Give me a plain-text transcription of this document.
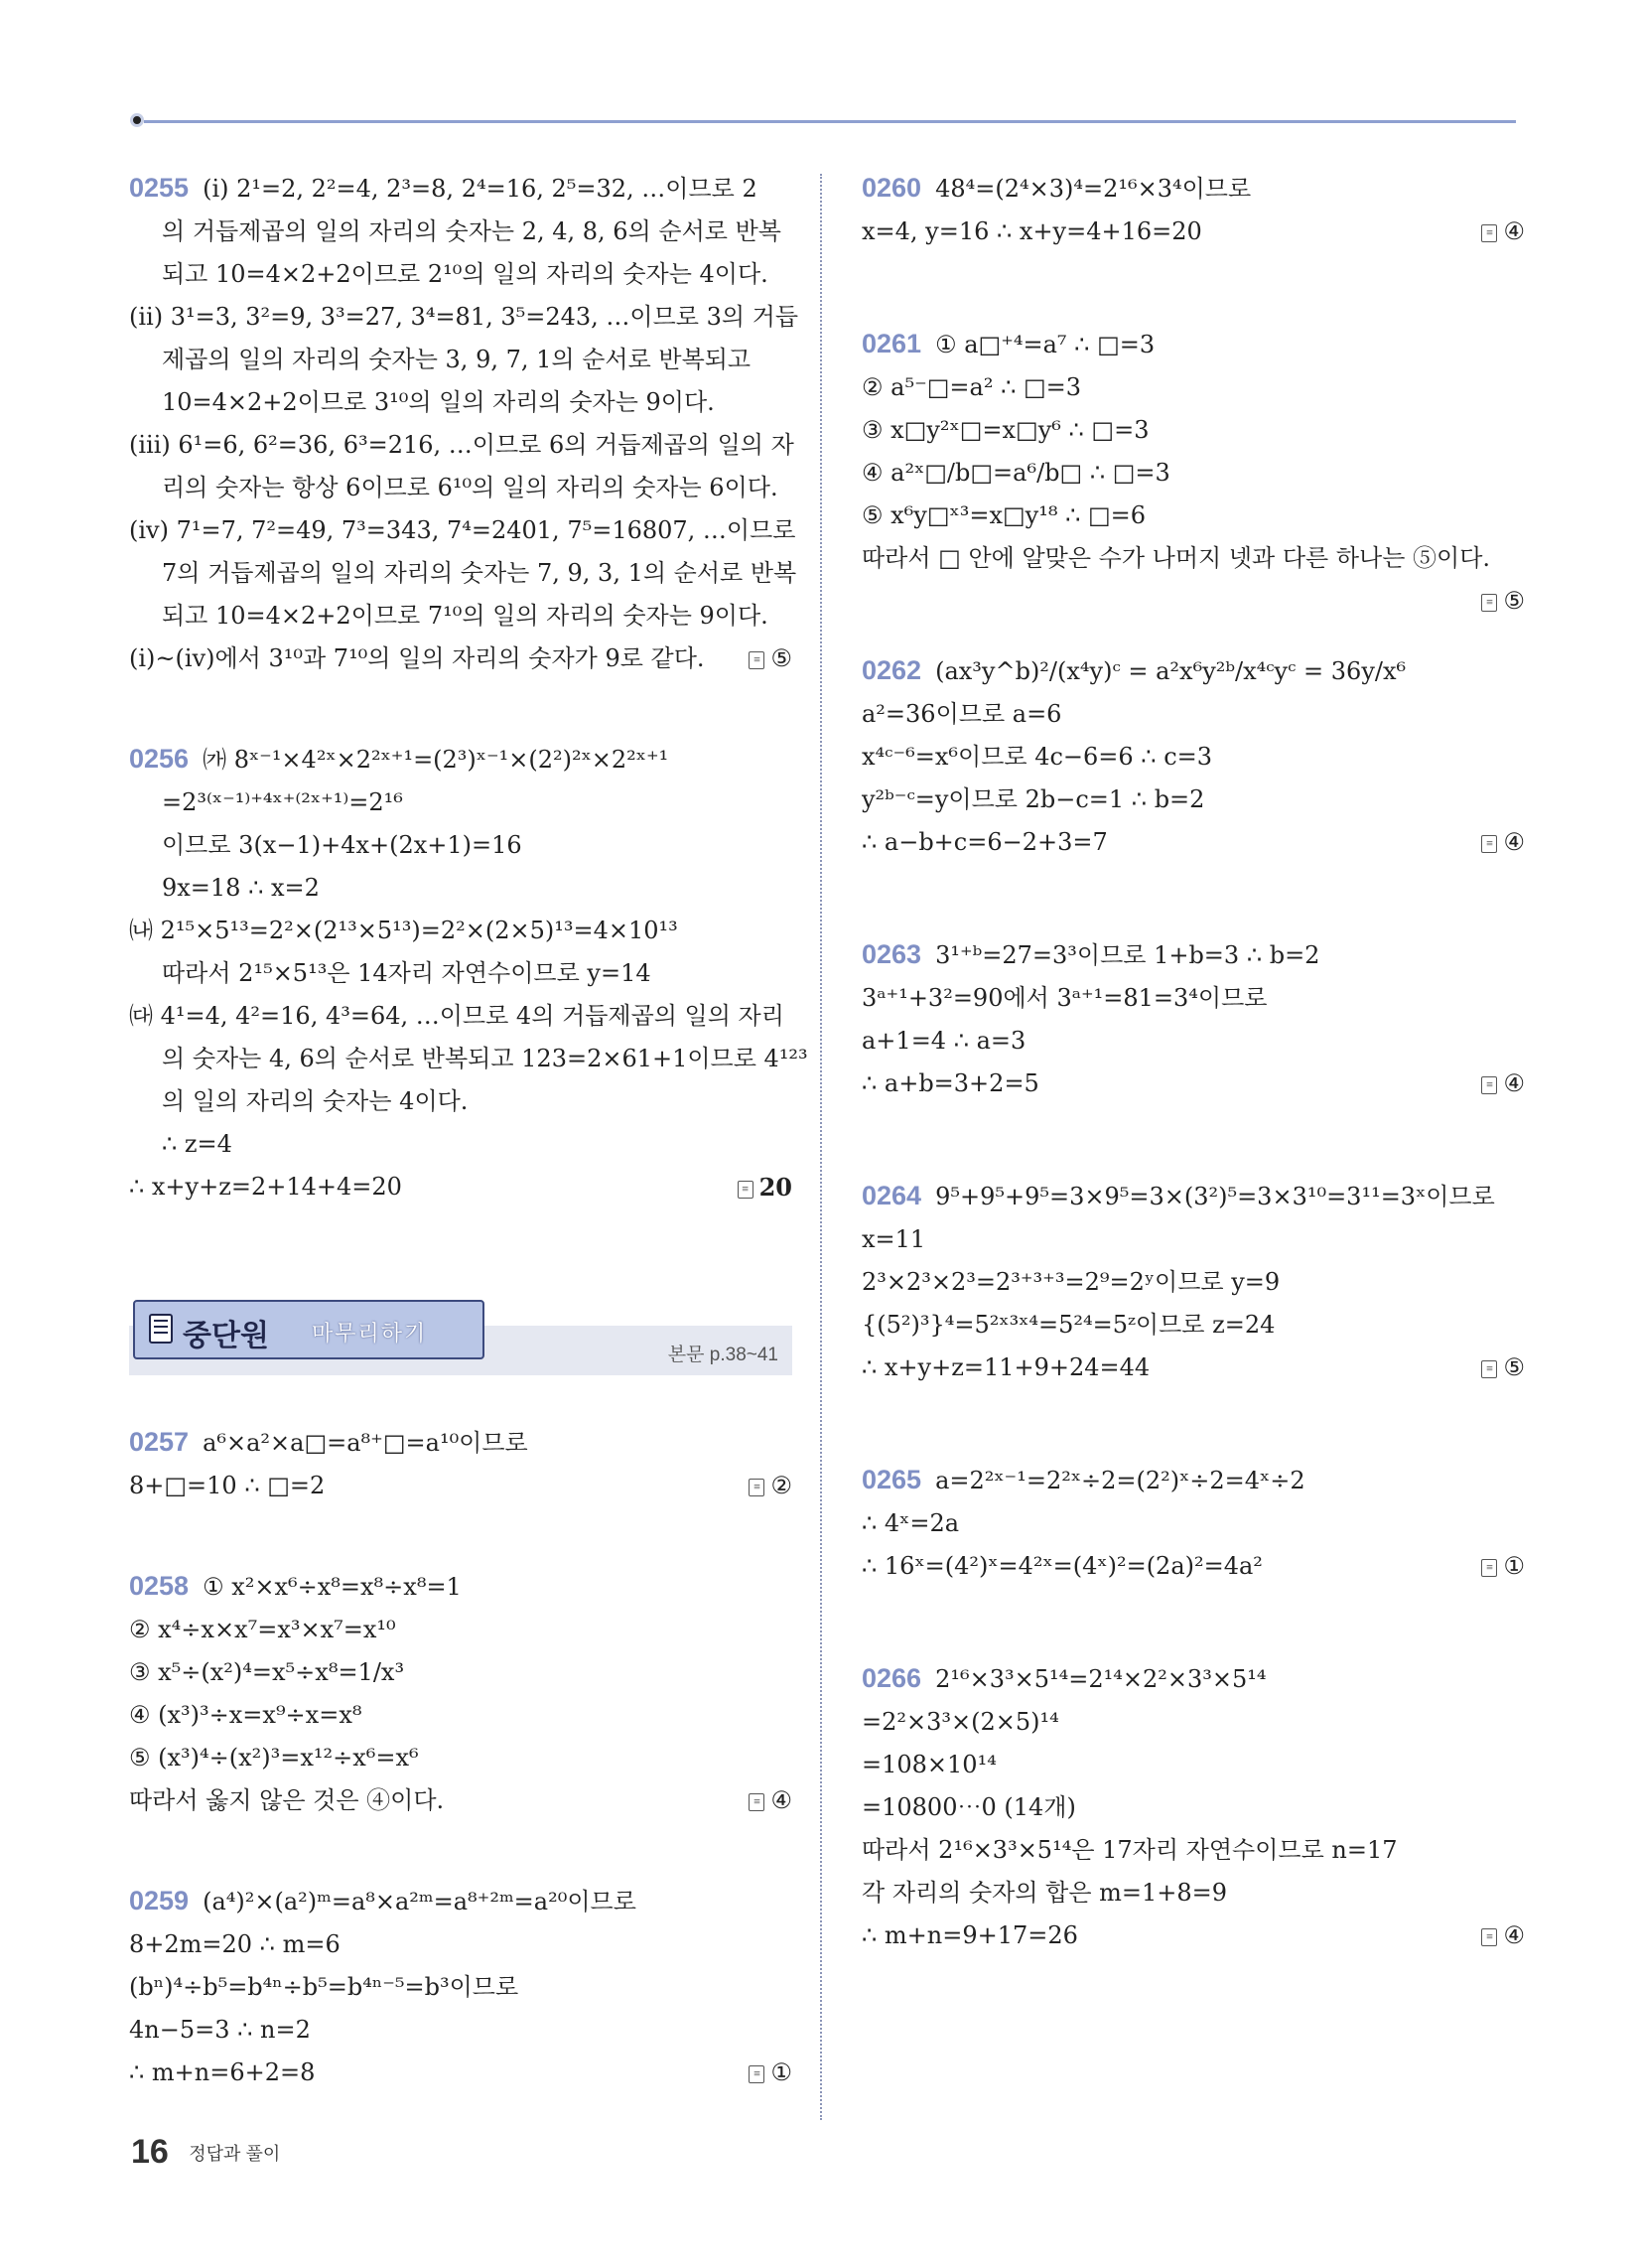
0255 (ⅰ) 2¹=2, 2²=4, 2³=8, 2⁴=16, 2⁵=32, …이므로 2
의 거듭제곱의 일의 자리의 숫자는 2, 4, 8, 6의 순서로 반복
되고 10=4×2+2이므로 2¹⁰의 일의 자리의 숫자는 4이다.
(ⅱ) 3¹=3, 3²=9, 3³=27, 3⁴=81, 3⁵=243, …이므로 3의 거듭
제곱의 일의 자리의 숫자는 3, 9, 7, 1의 순서로 반복되고
10=4×2+2이므로 3¹⁰의 일의 자리의 숫자는 9이다.
(ⅲ) 6¹=6, 6²=36, 6³=216, …이므로 6의 거듭제곱의 일의 자
리의 숫자는 항상 6이므로 6¹⁰의 일의 자리의 숫자는 6이다.
(ⅳ) 7¹=7, 7²=49, 7³=343, 7⁴=2401, 7⁵=16807, …이므로
7의 거듭제곱의 일의 자리의 숫자는 7, 9, 3, 1의 순서로 반복
되고 10=4×2+2이므로 7¹⁰의 일의 자리의 숫자는 9이다.
(ⅰ)~(ⅳ)에서 3¹⁰과 7¹⁰의 일의 자리의 숫자가 9로 같다.	≡ ⑤
0256 ㈎ 8ˣ⁻¹×4²ˣ×2²ˣ⁺¹=(2³)ˣ⁻¹×(2²)²ˣ×2²ˣ⁺¹
=2³⁽ˣ⁻¹⁾⁺⁴ˣ⁺⁽²ˣ⁺¹⁾=2¹⁶
이므로 3(x−1)+4x+(2x+1)=16
9x=18 ∴ x=2
㈏ 2¹⁵×5¹³=2²×(2¹³×5¹³)=2²×(2×5)¹³=4×10¹³
따라서 2¹⁵×5¹³은 14자리 자연수이므로 y=14
㈐ 4¹=4, 4²=16, 4³=64, …이므로 4의 거듭제곱의 일의 자리
의 숫자는 4, 6의 순서로 반복되고 123=2×61+1이므로 4¹²³
의 일의 자리의 숫자는 4이다.
∴ z=4
∴ x+y+z=2+14+4=20	≡ 20
중단원 마무리하기
본문 p.38~41
0257 a⁶×a²×a□=a⁸⁺□=a¹⁰이므로
8+□=10 ∴ □=2	≡ ②
0258 ① x²×x⁶÷x⁸=x⁸÷x⁸=1
② x⁴÷x×x⁷=x³×x⁷=x¹⁰
③ x⁵÷(x²)⁴=x⁵÷x⁸=1/x³
④ (x³)³÷x=x⁹÷x=x⁸
⑤ (x³)⁴÷(x²)³=x¹²÷x⁶=x⁶
따라서 옳지 않은 것은 ④이다.	≡ ④
0259 (a⁴)²×(a²)ᵐ=a⁸×a²ᵐ=a⁸⁺²ᵐ=a²⁰이므로
8+2m=20 ∴ m=6
(bⁿ)⁴÷b⁵=b⁴ⁿ÷b⁵=b⁴ⁿ⁻⁵=b³이므로
4n−5=3 ∴ n=2
∴ m+n=6+2=8	≡ ①
0260 48⁴=(2⁴×3)⁴=2¹⁶×3⁴이므로
x=4, y=16 ∴ x+y=4+16=20	≡ ④
0261 ① a□⁺⁴=a⁷ ∴ □=3
② a⁵⁻□=a² ∴ □=3
③ x□y²ˣ□=x□y⁶ ∴ □=3
④ a²ˣ□/b□=a⁶/b□ ∴ □=3
⑤ x⁶y□ˣ³=x□y¹⁸ ∴ □=6
따라서 □ 안에 알맞은 수가 나머지 넷과 다른 하나는 ⑤이다.
≡ ⑤
0262 (ax³y^b)²/(x⁴y)ᶜ = a²x⁶y²ᵇ/x⁴ᶜyᶜ = 36y/x⁶
a²=36이므로 a=6
x⁴ᶜ⁻⁶=x⁶이므로 4c−6=6 ∴ c=3
y²ᵇ⁻ᶜ=y이므로 2b−c=1 ∴ b=2
∴ a−b+c=6−2+3=7	≡ ④
0263 3¹⁺ᵇ=27=3³이므로 1+b=3 ∴ b=2
3ᵃ⁺¹+3²=90에서 3ᵃ⁺¹=81=3⁴이므로
a+1=4 ∴ a=3
∴ a+b=3+2=5	≡ ④
0264 9⁵+9⁵+9⁵=3×9⁵=3×(3²)⁵=3×3¹⁰=3¹¹=3ˣ이므로
x=11
2³×2³×2³=2³⁺³⁺³=2⁹=2ʸ이므로 y=9
{(5²)³}⁴=5²ˣ³ˣ⁴=5²⁴=5ᶻ이므로 z=24
∴ x+y+z=11+9+24=44	≡ ⑤
0265 a=2²ˣ⁻¹=2²ˣ÷2=(2²)ˣ÷2=4ˣ÷2
∴ 4ˣ=2a
∴ 16ˣ=(4²)ˣ=4²ˣ=(4ˣ)²=(2a)²=4a²	≡ ①
0266 2¹⁶×3³×5¹⁴=2¹⁴×2²×3³×5¹⁴
=2²×3³×(2×5)¹⁴
=108×10¹⁴
=10800⋯0 (14개)
따라서 2¹⁶×3³×5¹⁴은 17자리 자연수이므로 n=17
각 자리의 숫자의 합은 m=1+8=9
∴ m+n=9+17=26	≡ ④
16 정답과 풀이
